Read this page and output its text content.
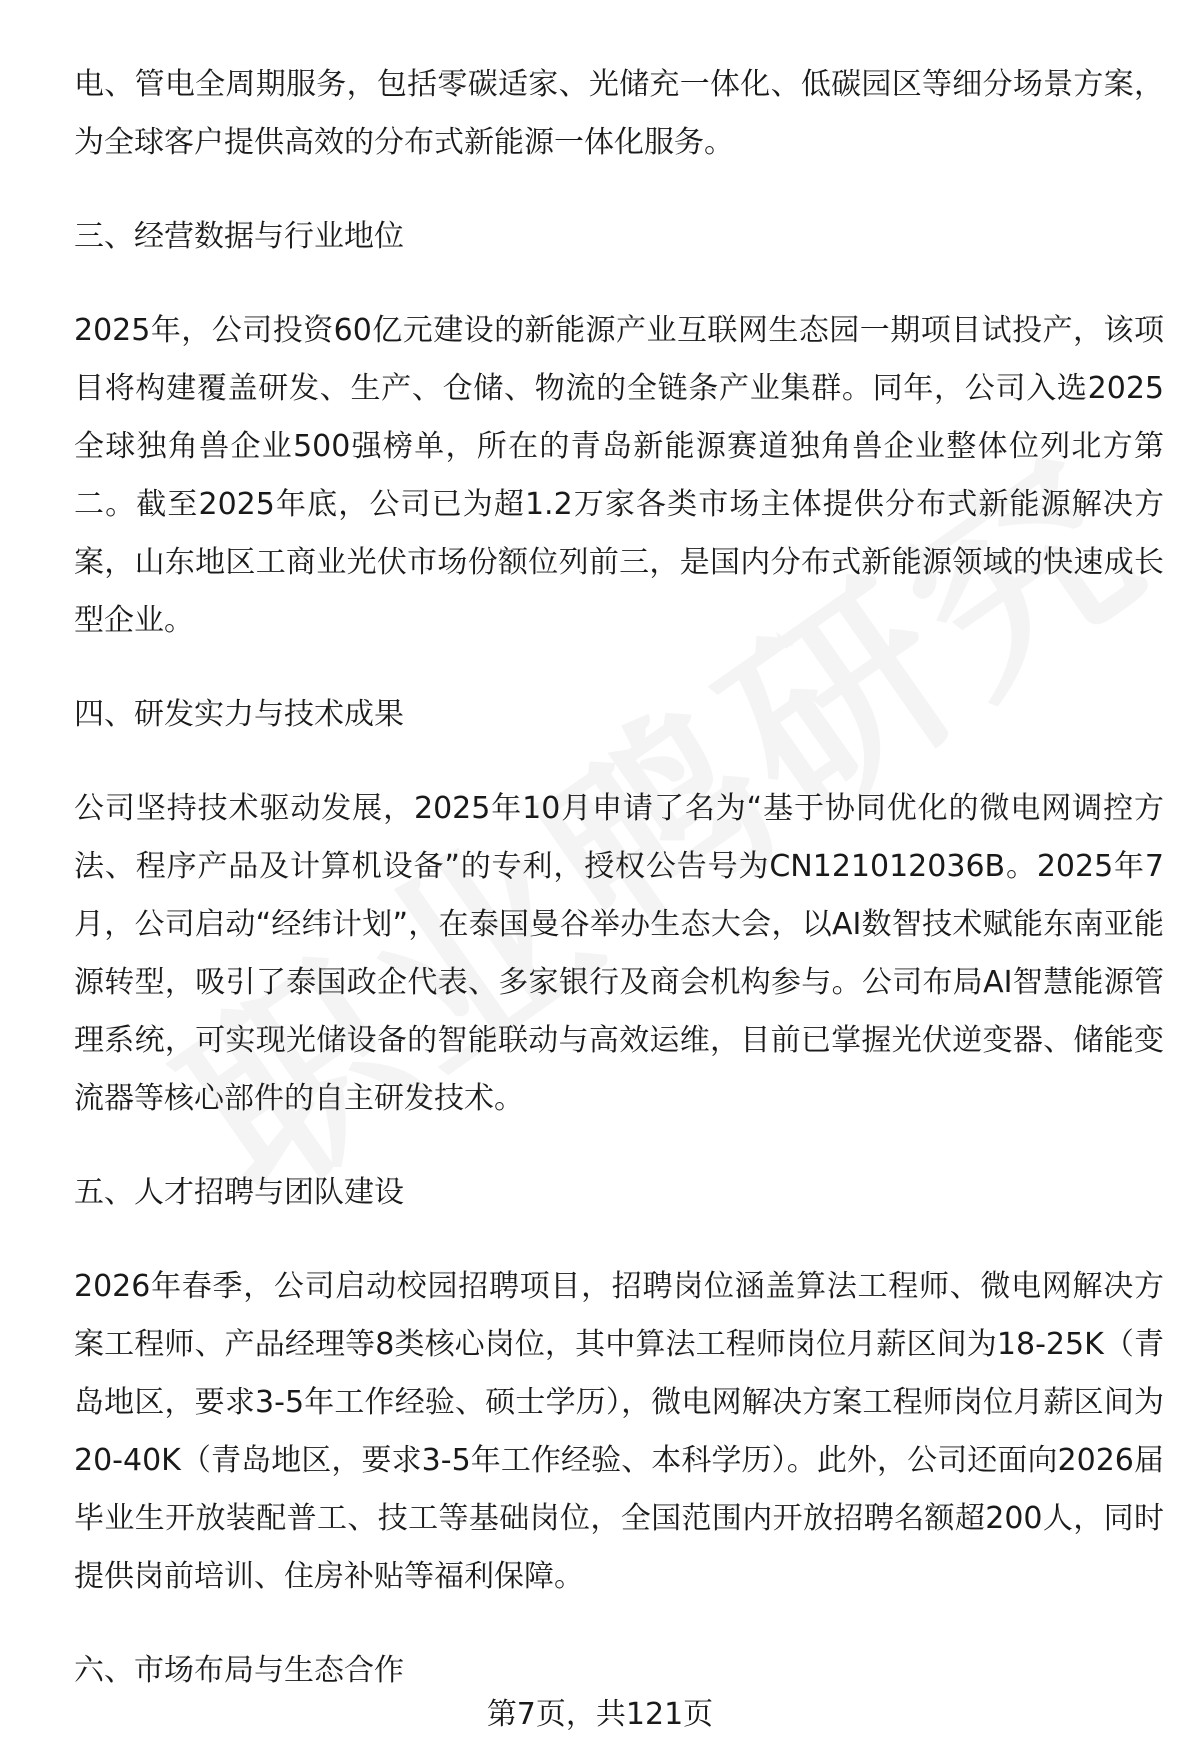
电、管电全周期服务，包括零碳适家、光储充一体化、低碳园区等细分场景方案，为全球客户提供高效的分布式新能源一体化服务。

三、经营数据与行业地位

2025年，公司投资60亿元建设的新能源产业互联网生态园一期项目试投产，该项目将构建覆盖研发、生产、仓储、物流的全链条产业集群。同年，公司入选2025全球独角兽企业500强榜单，所在的青岛新能源赛道独角兽企业整体位列北方第二。截至2025年底，公司已为超1.2万家各类市场主体提供分布式新能源解决方案，山东地区工商业光伏市场份额位列前三，是国内分布式新能源领域的快速成长型企业。

四、研发实力与技术成果

公司坚持技术驱动发展，2025年10月申请了名为“基于协同优化的微电网调控方法、程序产品及计算机设备”的专利，授权公告号为CN121012036B。2025年7月，公司启动“经纬计划”，在泰国曼谷举办生态大会，以AI数智技术赋能东南亚能源转型，吸引了泰国政企代表、多家银行及商会机构参与。公司布局AI智慧能源管理系统，可实现光储设备的智能联动与高效运维，目前已掌握光伏逆变器、储能变流器等核心部件的自主研发技术。

五、人才招聘与团队建设

2026年春季，公司启动校园招聘项目，招聘岗位涵盖算法工程师、微电网解决方案工程师、产品经理等8类核心岗位，其中算法工程师岗位月薪区间为18-25K（青岛地区，要求3-5年工作经验、硕士学历），微电网解决方案工程师岗位月薪区间为20-40K（青岛地区，要求3-5年工作经验、本科学历）。此外，公司还面向2026届毕业生开放装配普工、技工等基础岗位，全国范围内开放招聘名额超200人，同时提供岗前培训、住房补贴等福利保障。

六、市场布局与生态合作

第7页，共121页
